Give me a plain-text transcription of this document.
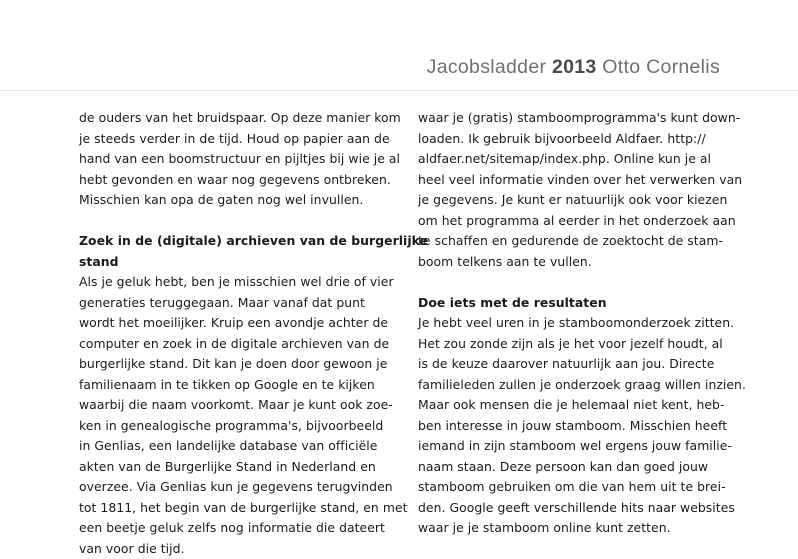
Jacobsladder 2013 Otto Cornelis
de ouders van het bruidspaar. Op deze manier kom
je steeds verder in de tijd. Houd op papier aan de
hand van een boomstructuur en pijltjes bij wie je al
hebt gevonden en waar nog gegevens ontbreken.
Misschien kan opa de gaten nog wel invullen.
Zoek in de (digitale) archieven van de burgerlijke
stand
Als je geluk hebt, ben je misschien wel drie of vier
generaties teruggegaan. Maar vanaf dat punt
wordt het moeilijker. Kruip een avondje achter de
computer en zoek in de digitale archieven van de
burgerlijke stand. Dit kan je doen door gewoon je
familienaam in te tikken op Google en te kijken
waarbij die naam voorkomt. Maar je kunt ook zoe-
ken in genealogische programma's, bijvoorbeeld
in Genlias, een landelijke database van officiële
akten van de Burgerlijke Stand in Nederland en
overzee. Via Genlias kun je gegevens terugvinden
tot 1811, het begin van de burgerlijke stand, en met
een beetje geluk zelfs nog informatie die dateert
van voor die tijd.
waar je (gratis) stamboomprogramma's kunt down-
loaden. Ik gebruik bijvoorbeeld Aldfaer. http://
aldfaer.net/sitemap/index.php. Online kun je al
heel veel informatie vinden over het verwerken van
je gegevens. Je kunt er natuurlijk ook voor kiezen
om het programma al eerder in het onderzoek aan
te schaffen en gedurende de zoektocht de stam-
boom telkens aan te vullen.
Doe iets met de resultaten
Je hebt veel uren in je stamboomonderzoek zitten.
Het zou zonde zijn als je het voor jezelf houdt, al
is de keuze daarover natuurlijk aan jou. Directe
familieleden zullen je onderzoek graag willen inzien.
Maar ook mensen die je helemaal niet kent, heb-
ben interesse in jouw stamboom. Misschien heeft
iemand in zijn stamboom wel ergens jouw familie-
naam staan. Deze persoon kan dan goed jouw
stamboom gebruiken om die van hem uit te brei-
den. Google geeft verschillende hits naar websites
waar je je stamboom online kunt zetten.
